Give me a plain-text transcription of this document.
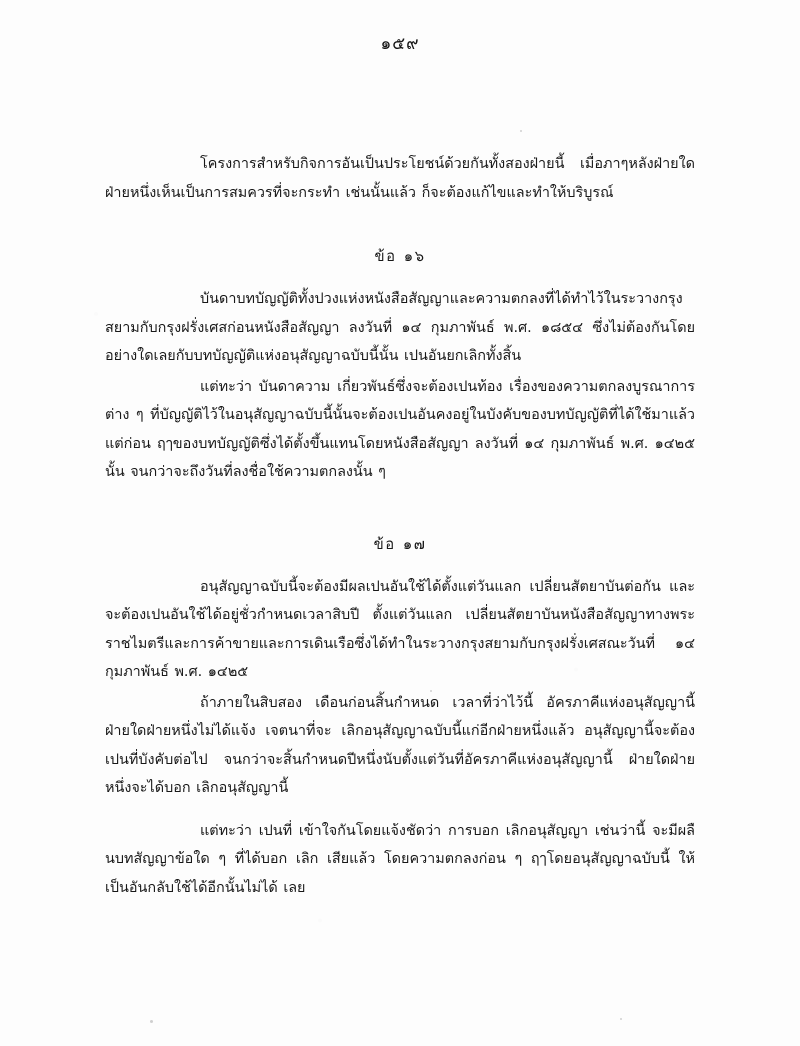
๑๕๙

โครงการสำหรับกิจการอันเป็นประโยชน์ด้วยกันทั้งสองฝ่ายนี้ เมื่อภาๆหลังฝ่ายใดฝ่ายหนึ่งเห็นเป็นการสมควรที่จะกระทำ เช่นนั้นแล้ว ก็จะต้องแก้ไขและทำให้บริบูรณ์

ข้อ ๑๖

บันดาบทบัญญัติทั้งปวงแห่งหนังสือสัญญาและความตกลงที่ได้ทำไว้ในระวางกรุงสยามกับกรุงฝรั่งเศสก่อนหนังสือสัญญา ลงวันที่ ๑๔ กุมภาพันธ์ พ.ศ. ๑๘๕๔ ซึ่งไม่ต้องกันโดยอย่างใดเลยกับบทบัญญัติแห่งอนุสัญญาฉบับนี้นั้น เปนอันยกเลิกทั้งสิ้น

แต่ทะว่า บันดาความ เกี่ยวพันธ์ซึ่งจะต้องเปนท้อง เรื่องของความตกลงบูรณาการต่าง ๆ ที่บัญญัติไว้ในอนุสัญญาฉบับนี้นั้นจะต้องเปนอันคงอยู่ในบังคับของบทบัญญัติที่ได้ใช้มาแล้วแต่ก่อน ฤๅของบทบัญญัติซึ่งได้ตั้งขึ้นแทนโดยหนังสือสัญญา ลงวันที่ ๑๔ กุมภาพันธ์ พ.ศ. ๑๔๒๕ นั้น จนกว่าจะถึงวันที่ลงชื่อใช้ความตกลงนั้น ๆ

ข้อ ๑๗

อนุสัญญาฉบับนี้จะต้องมีผลเปนอันใช้ได้ตั้งแต่วันแลก เปลี่ยนสัตยาบันต่อกัน และจะต้องเปนอันใช้ได้อยู่ชั่วกำหนดเวลาสิบปี ตั้งแต่วันแลก เปลี่ยนสัตยาบันหนังสือสัญญาทางพระราชไมตรีและการค้าขายและการเดินเรือซึ่งได้ทำในระวางกรุงสยามกับกรุงฝรั่งเศสณะวันที่ ๑๔ กุมภาพันธ์ พ.ศ. ๑๔๒๕

ถ้าภายในสิบสอง เดือนก่อนสิ้นกำหนด เวลาที่ว่าไว้นี้ อัครภาคีแห่งอนุสัญญานี้ฝ่ายใดฝ่ายหนึ่งไม่ได้แจ้ง เจตนาที่จะ เลิกอนุสัญญาฉบับนี้แก่อีกฝ่ายหนึ่งแล้ว อนุสัญญานี้จะต้อง เปนที่บังคับต่อไป จนกว่าจะสิ้นกำหนดปีหนึ่งนับตั้งแต่วันที่อัครภาคีแห่งอนุสัญญานี้ ฝ่ายใดฝ่ายหนึ่งจะได้บอก เลิกอนุสัญญานี้

แต่ทะว่า เปนที่ เข้าใจกันโดยแจ้งชัดว่า การบอก เลิกอนุสัญญา เช่นว่านี้ จะมีผลืนบทสัญญาข้อใด ๆ ที่ได้บอก เลิก เสียแล้ว โดยความตกลงก่อน ๆ ฤๅโดยอนุสัญญาฉบับนี้ ให้ เป็นอันกลับใช้ได้อีกนั้นไม่ได้ เลย
